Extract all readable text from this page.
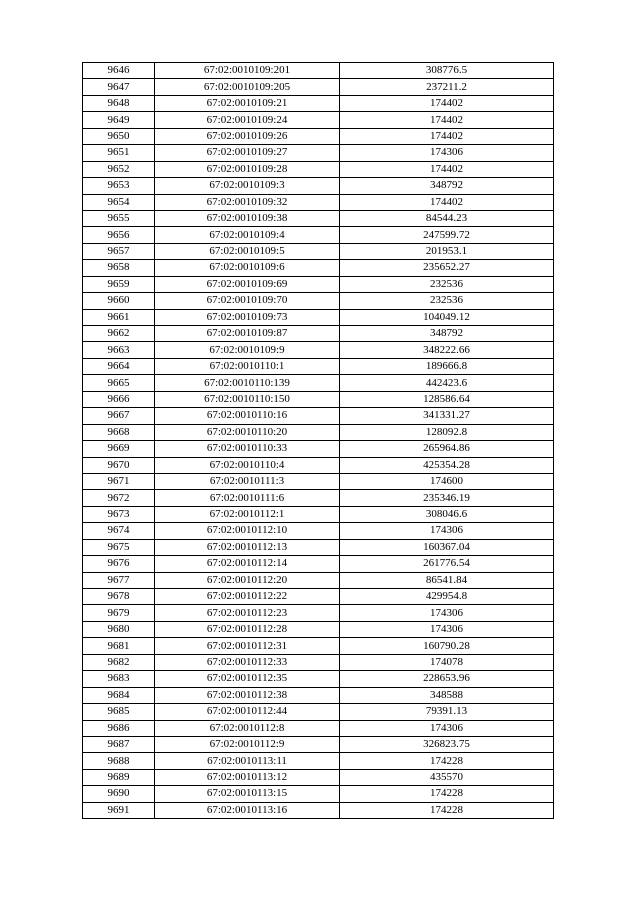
9646	67:02:0010109:201	308776.5
9647	67:02:0010109:205	237211.2
9648	67:02:0010109:21	174402
9649	67:02:0010109:24	174402
9650	67:02:0010109:26	174402
9651	67:02:0010109:27	174306
9652	67:02:0010109:28	174402
9653	67:02:0010109:3	348792
9654	67:02:0010109:32	174402
9655	67:02:0010109:38	84544.23
9656	67:02:0010109:4	247599.72
9657	67:02:0010109:5	201953.1
9658	67:02:0010109:6	235652.27
9659	67:02:0010109:69	232536
9660	67:02:0010109:70	232536
9661	67:02:0010109:73	104049.12
9662	67:02:0010109:87	348792
9663	67:02:0010109:9	348222.66
9664	67:02:0010110:1	189666.8
9665	67:02:0010110:139	442423.6
9666	67:02:0010110:150	128586.64
9667	67:02:0010110:16	341331.27
9668	67:02:0010110:20	128092.8
9669	67:02:0010110:33	265964.86
9670	67:02:0010110:4	425354.28
9671	67:02:0010111:3	174600
9672	67:02:0010111:6	235346.19
9673	67:02:0010112:1	308046.6
9674	67:02:0010112:10	174306
9675	67:02:0010112:13	160367.04
9676	67:02:0010112:14	261776.54
9677	67:02:0010112:20	86541.84
9678	67:02:0010112:22	429954.8
9679	67:02:0010112:23	174306
9680	67:02:0010112:28	174306
9681	67:02:0010112:31	160790.28
9682	67:02:0010112:33	174078
9683	67:02:0010112:35	228653.96
9684	67:02:0010112:38	348588
9685	67:02:0010112:44	79391.13
9686	67:02:0010112:8	174306
9687	67:02:0010112:9	326823.75
9688	67:02:0010113:11	174228
9689	67:02:0010113:12	435570
9690	67:02:0010113:15	174228
9691	67:02:0010113:16	174228
